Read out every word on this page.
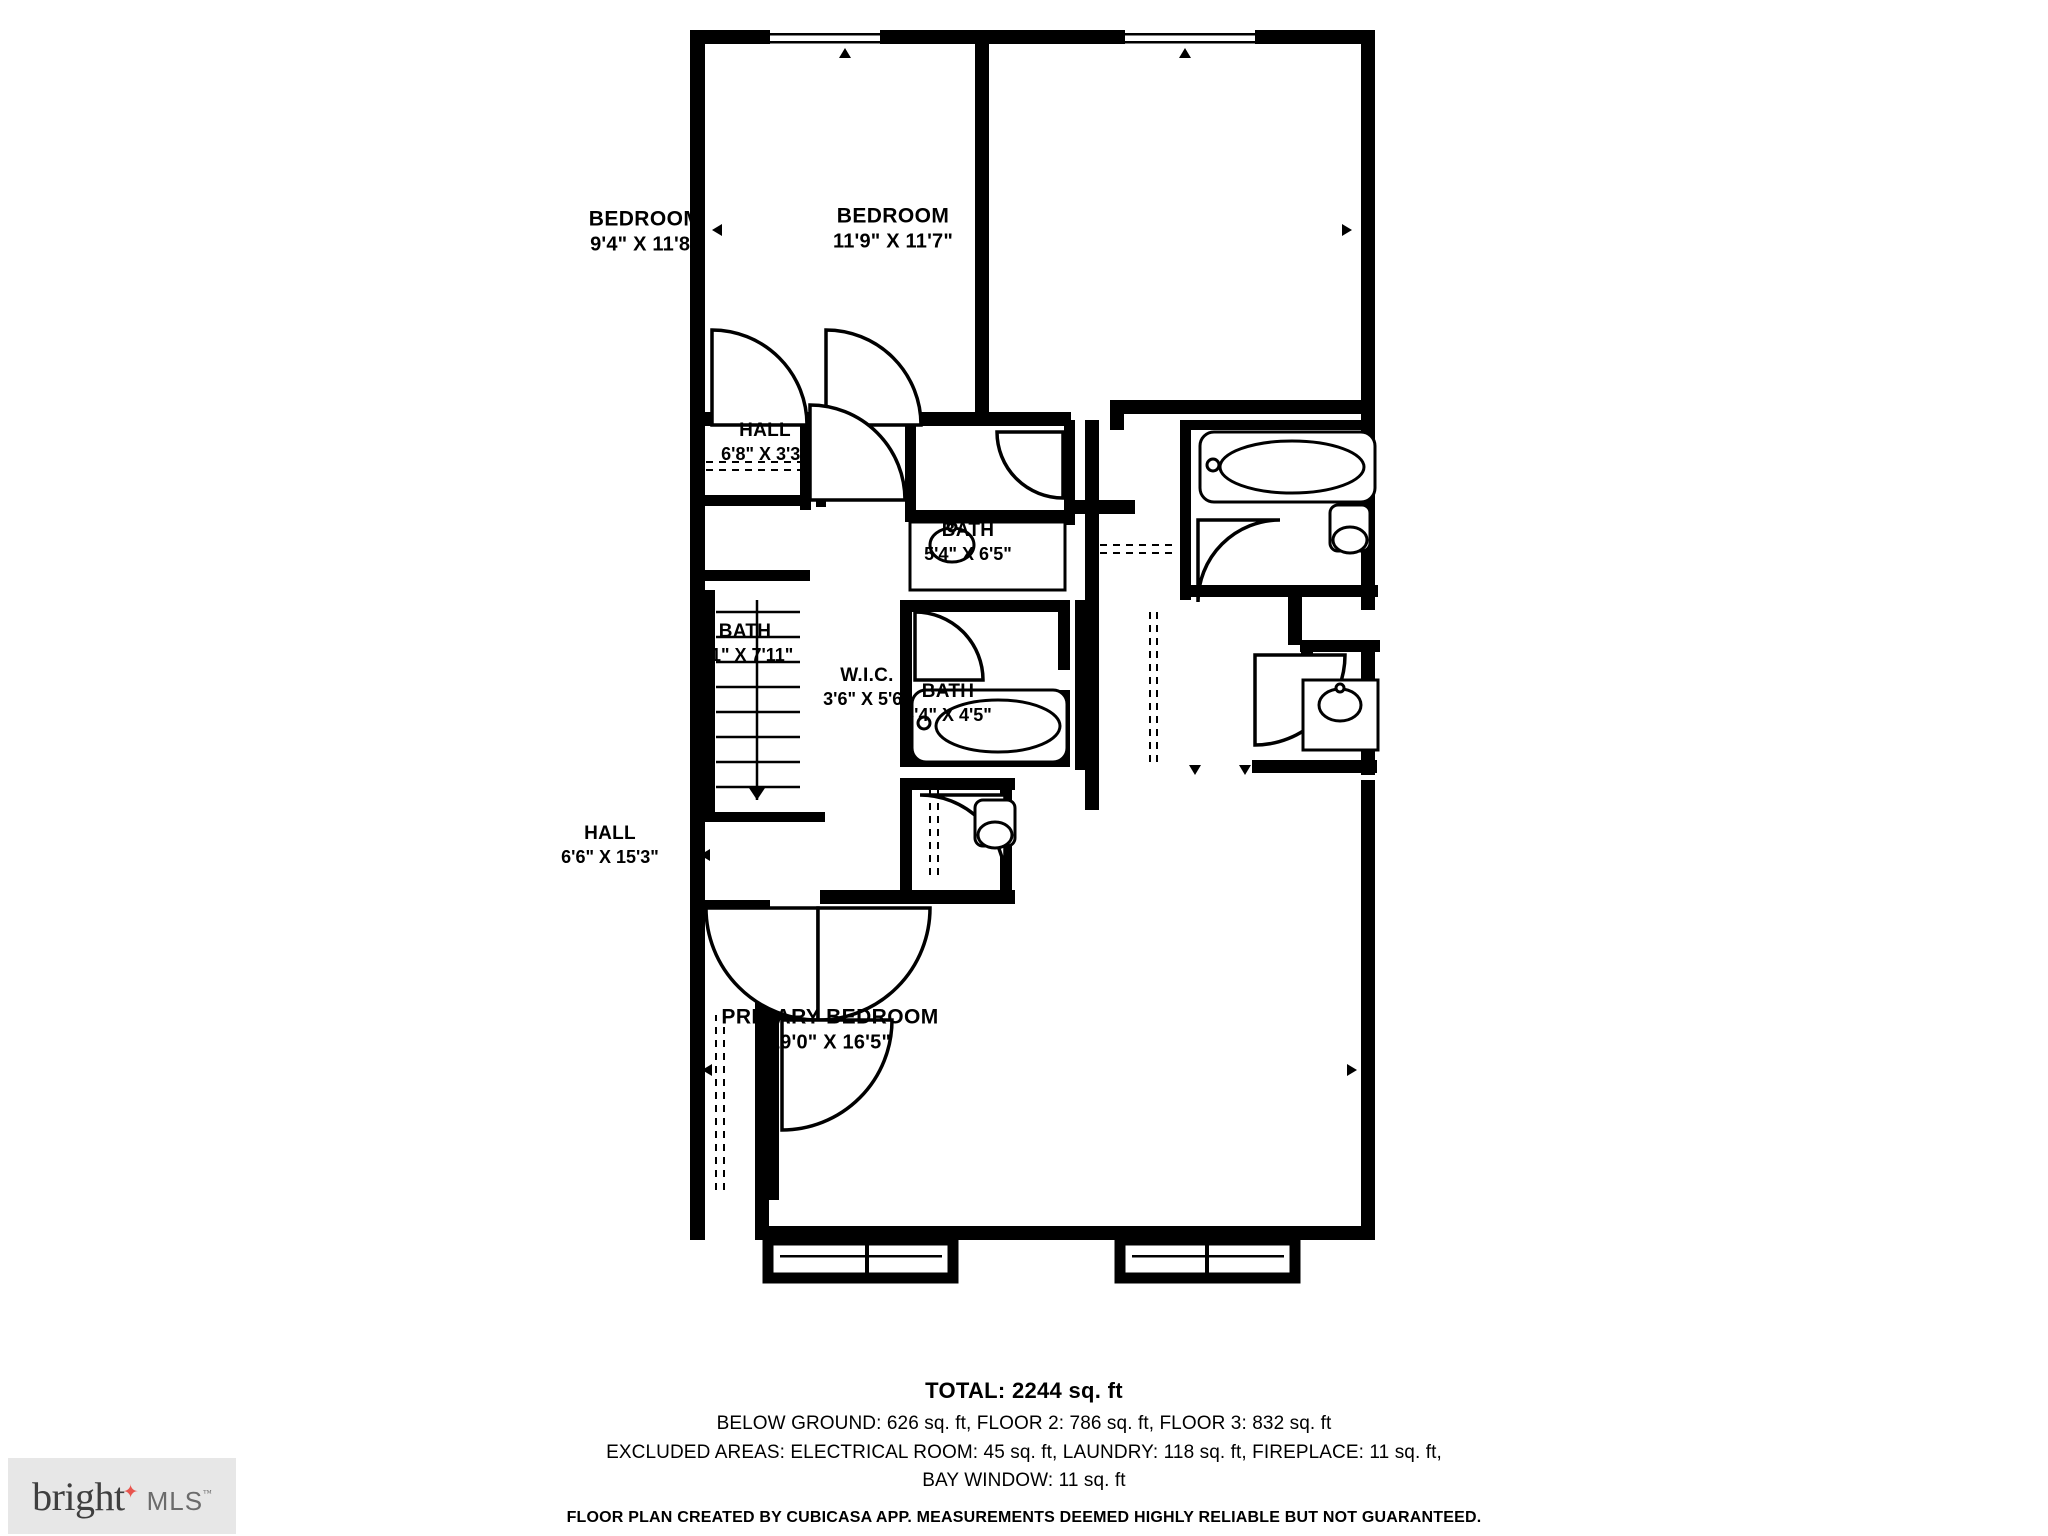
BEDROOM
9'4" X 11'8"
BEDROOM
11'9" X 11'7"
HALL
6'8" X 3'3"
BATH
5'4" X 6'5"
BATH
5'1" X 7'11"
W.I.C.
3'6" X 5'6" BATH
5'4" X 4'5"
HALL
6'6" X 15'3"
PRIMARY BEDROOM
19'0" X 16'5"
TOTAL: 2244 sq. ft
BELOW GROUND: 626 sq. ft, FLOOR 2: 786 sq. ft, FLOOR 3: 832 sq. ft
EXCLUDED AREAS: ELECTRICAL ROOM: 45 sq. ft, LAUNDRY: 118 sq. ft, FIREPLACE: 11 sq. ft,
BAY WINDOW: 11 sq. ft
FLOOR PLAN CREATED BY CUBICASA APP. MEASUREMENTS DEEMED HIGHLY RELIABLE BUT NOT GUARANTEED.
bright
✦ MLS ™
